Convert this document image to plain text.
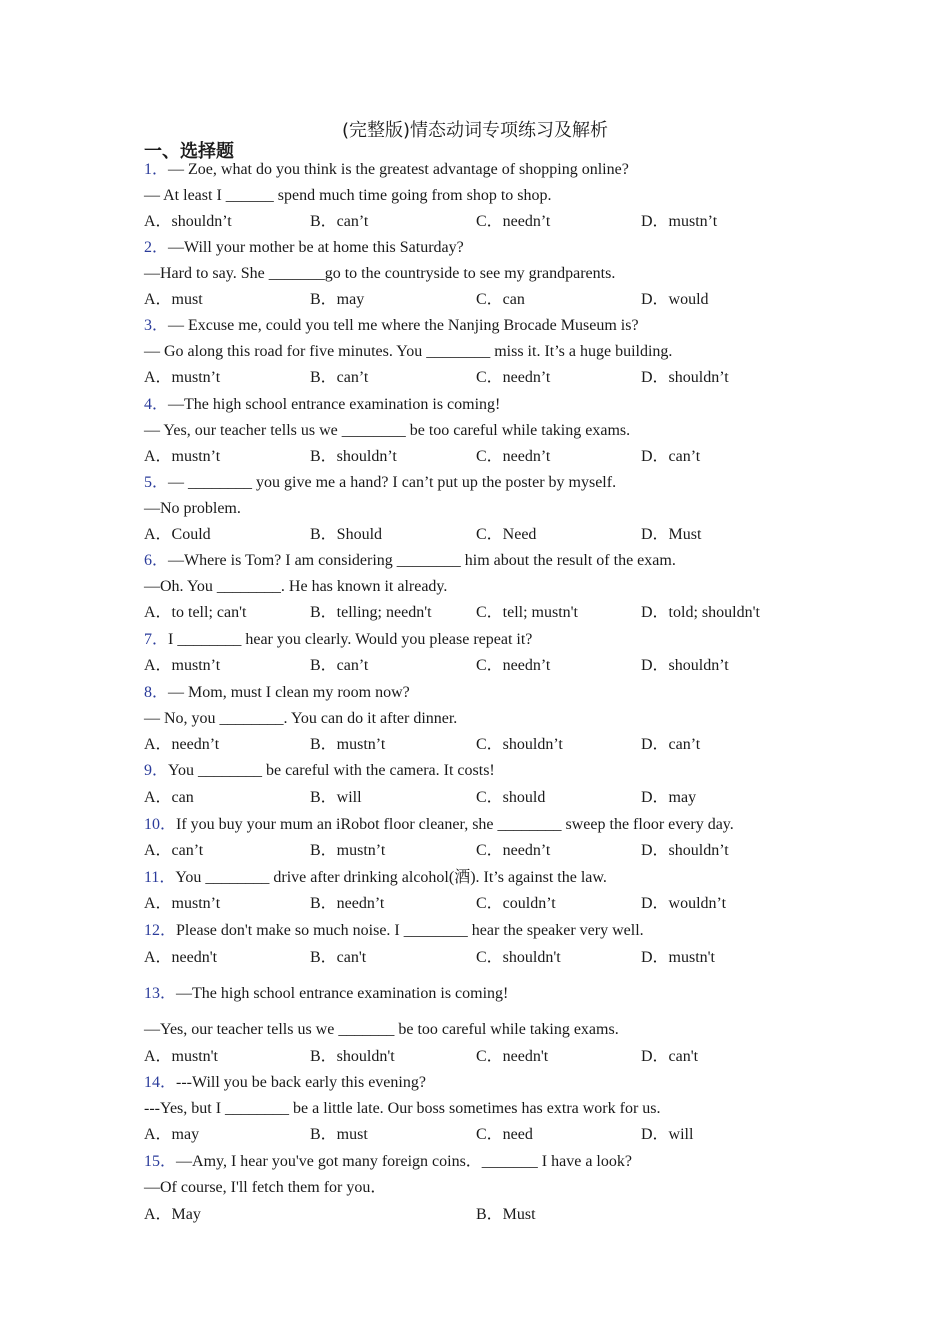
(完整版)情态动词专项练习及解析
一、选择题
1．— Zoe, what do you think is the greatest advantage of shopping online?
— At least I ______ spend much time going from shop to shop.
A．shouldn’t	B．can’t	C．needn’t	D．mustn’t
2．—Will your mother be at home this Saturday?
—Hard to say. She _______go to the countryside to see my grandparents.
A．must	B．may	C．can	D．would
3．— Excuse me, could you tell me where the Nanjing Brocade Museum is?
— Go along this road for five minutes. You ________ miss it. It’s a huge building.
A．mustn’t	B．can’t	C．needn’t	D．shouldn’t
4．—The high school entrance examination is coming!
— Yes, our teacher tells us we ________ be too careful while taking exams.
A．mustn’t	B．shouldn’t	C．needn’t	D．can’t
5．— ________ you give me a hand? I can’t put up the poster by myself.
—No problem.
A．Could	B．Should	C．Need	D．Must
6．—Where is Tom? I am considering ________ him about the result of the exam.
—Oh. You ________. He has known it already.
A．to tell; can't	B．telling; needn't	C．tell; mustn't	D．told; shouldn't
7．I ________ hear you clearly. Would you please repeat it?
A．mustn’t	B．can’t	C．needn’t	D．shouldn’t
8．— Mom, must I clean my room now?
— No, you ________. You can do it after dinner.
A．needn’t	B．mustn’t	C．shouldn’t	D．can’t
9．You ________ be careful with the camera. It costs!
A．can	B．will	C．should	D．may
10．If you buy your mum an iRobot floor cleaner, she ________ sweep the floor every day.
A．can’t	B．mustn’t	C．needn’t	D．shouldn’t
11．You ________ drive after drinking alcohol(酒). It’s against the law.
A．mustn’t	B．needn’t	C．couldn’t	D．wouldn’t
12．Please don't make so much noise. I ________ hear the speaker very well.
A．needn't	B．can't	C．shouldn't	D．mustn't
13．—The high school entrance examination is coming!
—Yes, our teacher tells us we _______ be too careful while taking exams.
A．mustn't	B．shouldn't	C．needn't	D．can't
14．---Will you be back early this evening?
---Yes, but I ________ be a little late. Our boss sometimes has extra work for us.
A．may	B．must	C．need	D．will
15．—Amy, I hear you've got many foreign coins．_______ I have a look?
—Of course, I'll fetch them for you．
A．May	B．Must
